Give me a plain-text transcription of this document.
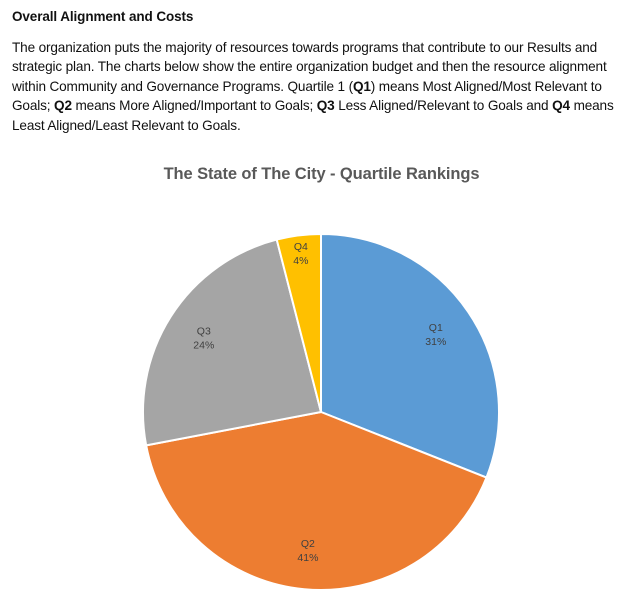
Overall Alignment and Costs
The organization puts the majority of resources towards programs that contribute to our Results and strategic plan. The charts below show the entire organization budget and then the resource alignment within Community and Governance Programs. Quartile 1 (Q1) means Most Aligned/Most Relevant to Goals; Q2 means More Aligned/Important to Goals; Q3 Less Aligned/Relevant to Goals and Q4 means Least Aligned/Least Relevant to Goals.
The State of The City - Quartile Rankings
Q1
31%
Q2
41%
Q3
24%
Q4
4%
